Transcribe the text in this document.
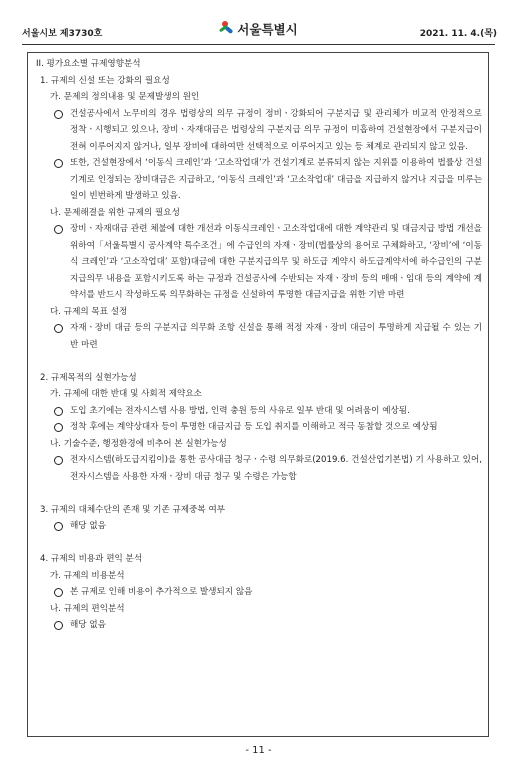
서울시보 제3730호	서울특별시	2021. 11. 4.(목)

II. 평가요소별 규제영향분석

1. 규제의 신설 또는 강화의 필요성

가. 문제의 정의내용 및 문제발생의 원인

건설공사에서 노무비의 경우 법령상의 의무 규정이 정비ㆍ강화되어 구분지급 및 관리체가 비교적 안정적으로 정착ㆍ시행되고 있으나, 장비ㆍ자재대금은 법령상의 구분지급 의무 규정이 미흡하여 건설현장에서 구분지급이 전혀 이루어지지 않거나, 일부 장비에 대하여만 선택적으로 이루어지고 있는 등 체계로 관리되지 않고 있음.
또한, 건설현장에서 ‘이동식 크레인’과 ‘고소작업대’가 건설기계로 분류되지 않는 지위를 이용하여 법률상 건설기계로 인정되는 장비대금은 지급하고, ‘이동식 크레인’과 ‘고소작업대’ 대금을 지급하지 않거나 지급을 미루는 일이 빈번하게 발생하고 있음.

나. 문제해결을 위한 규제의 필요성

장비ㆍ자재대금 관련 체불에 대한 개선과 이동식크레인ㆍ고소작업대에 대한 계약관리 및 대금지급 방법 개선을 위하여「서울특별시 공사계약 특수조건」에 수급인의 자재ㆍ장비(법률상의 용어로 구체화하고, ‘장비’에 ‘이동식 크레인’과 ‘고소작업대’ 포함)대금에 대한 구분지급의무 및 하도급 계약시 하도급계약서에 하수급인의 구분지급의무 내용을 포함시키도록 하는 규정과 건설공사에 수반되는 자재ㆍ장비 등의 매매ㆍ임대 등의 계약에 계약서를 반드시 작성하도록 의무화하는 규정을 신설하여 투명한 대금지급을 위한 기반 마련

다. 규제의 목표 설정

자재ㆍ장비 대금 등의 구분지급 의무화 조항 신설을 통해 적정 자재ㆍ장비 대금이 투명하게 지급될 수 있는 기반 마련

2. 규제목적의 실현가능성

가. 규제에 대한 반대 및 사회적 제약요소

도입 초기에는 전자시스템 사용 방법, 인력 충원 등의 사유로 일부 반대 및 어려움이 예상됨.
정착 후에는 계약상대자 등이 투명한 대금지급 등 도입 취지를 이해하고 적극 동참할 것으로 예상됨

나. 기술수준, 행정환경에 비추어 본 실현가능성

전자시스템(하도급지킴이)을 통한 공사대금 청구ㆍ수령 의무화로(2019.6. 건설산업기본법) 기 사용하고 있어, 전자시스템을 사용한 자재ㆍ장비 대금 청구 및 수령은 가능함

3. 규제의 대체수단의 존재 및 기존 규제중복 여부

해당 없음

4. 규제의 비용과 편익 분석

가. 규제의 비용분석

본 규제로 인해 비용이 추가적으로 발생되지 않음

나. 규제의 편익분석

해당 없음
- 11 -
